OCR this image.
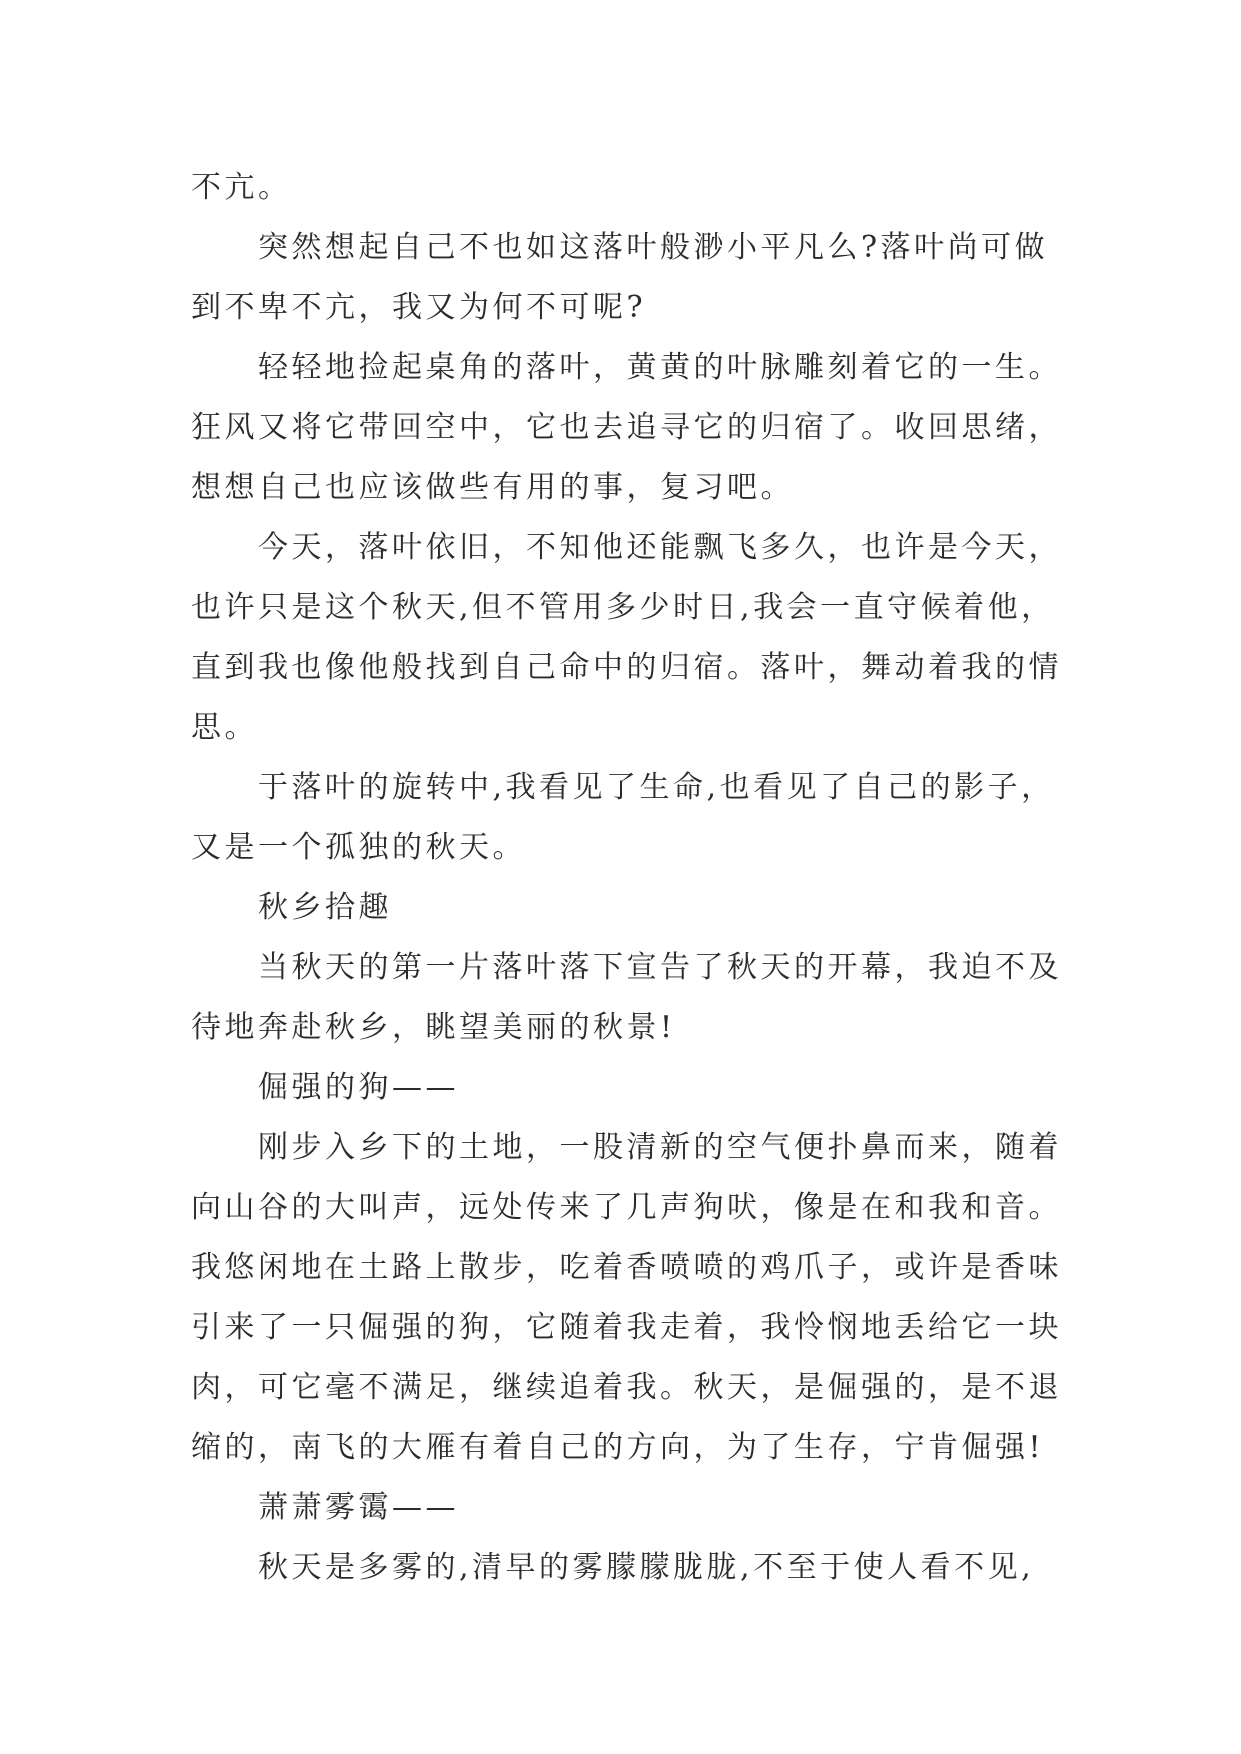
不亢。

突然想起自己不也如这落叶般渺小平凡么?落叶尚可做到不卑不亢，我又为何不可呢?

轻轻地捡起桌角的落叶，黄黄的叶脉雕刻着它的一生。狂风又将它带回空中，它也去追寻它的归宿了。收回思绪，想想自己也应该做些有用的事，复习吧。

今天，落叶依旧，不知他还能飘飞多久，也许是今天，也许只是这个秋天,但不管用多少时日,我会一直守候着他，直到我也像他般找到自己命中的归宿。落叶，舞动着我的情思。

于落叶的旋转中,我看见了生命,也看见了自己的影子，又是一个孤独的秋天。

秋乡拾趣

当秋天的第一片落叶落下宣告了秋天的开幕，我迫不及待地奔赴秋乡，眺望美丽的秋景!

倔强的狗——

刚步入乡下的土地，一股清新的空气便扑鼻而来，随着向山谷的大叫声，远处传来了几声狗吠，像是在和我和音。我悠闲地在土路上散步，吃着香喷喷的鸡爪子，或许是香味引来了一只倔强的狗，它随着我走着，我怜悯地丢给它一块肉，可它毫不满足，继续追着我。秋天，是倔强的，是不退缩的，南飞的大雁有着自己的方向，为了生存，宁肯倔强!

萧萧雾霭——

秋天是多雾的,清早的雾朦朦胧胧,不至于使人看不见,
